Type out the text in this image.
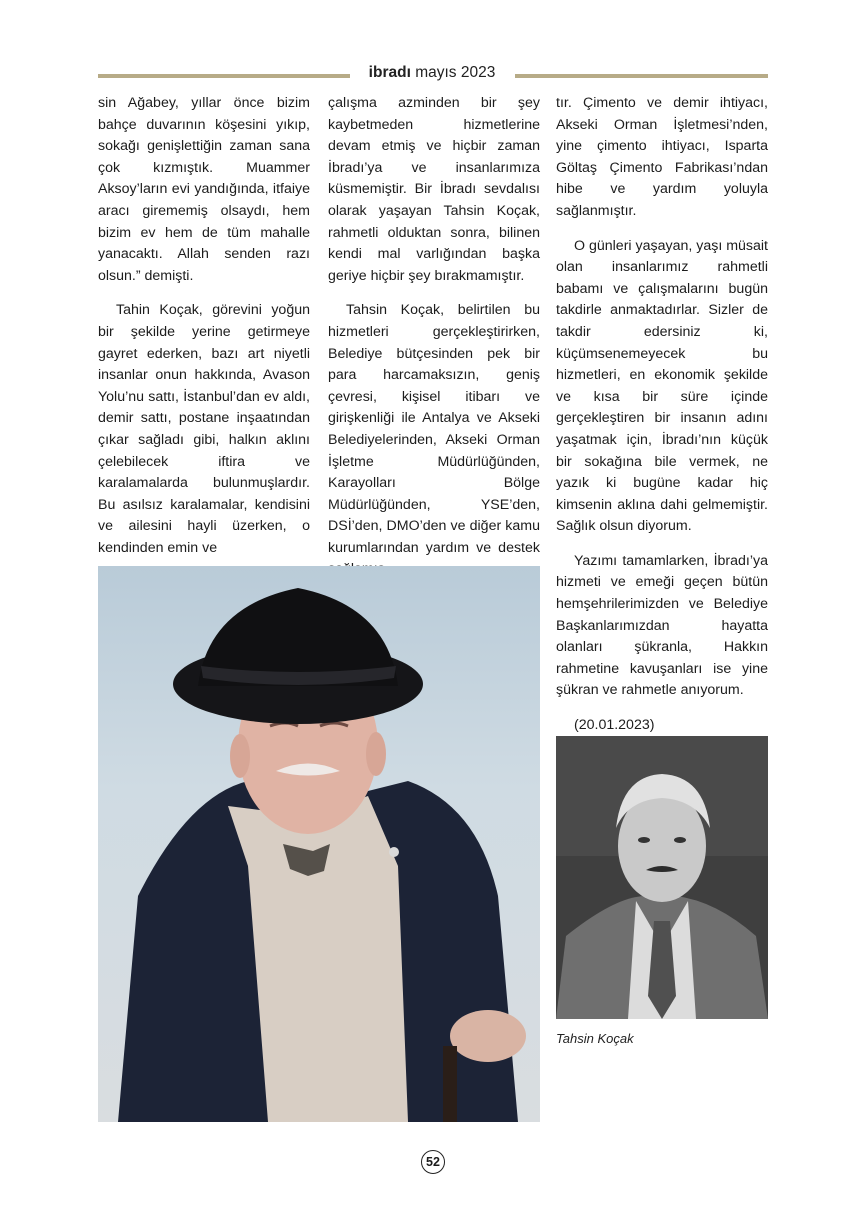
ibradı mayıs 2023

sin Ağabey, yıllar önce bizim bahçe duvarının köşesini yıkıp, sokağı genişlettiğin zaman sana çok kızmıştık. Muammer Aksoy’ların evi yandığında, itfaiye aracı girememiş olsaydı, hem bizim ev hem de tüm mahalle yanacaktı. Allah senden razı olsun.” demişti.

Tahin Koçak, görevini yoğun bir şekilde yerine getirmeye gayret ederken, bazı art niyetli insanlar onun hakkında, Avason Yolu’nu sattı, İstanbul’dan ev aldı, demir sattı, postane inşaatından çıkar sağladı gibi, halkın aklını çelebilecek iftira ve karalamalarda bulunmuşlardır. Bu asılsız karalamalar, kendisini ve ailesini hayli üzerken, o kendinden emin ve

çalışma azminden bir şey kaybetmeden hizmetlerine devam etmiş ve hiçbir zaman İbradı’ya ve insanlarımıza küsmemiştir. Bir İbradı sevdalısı olarak yaşayan Tahsin Koçak, rahmetli olduktan sonra, bilinen kendi mal varlığından başka geriye hiçbir şey bırakmamıştır.

Tahsin Koçak, belirtilen bu hizmetleri gerçekleştirirken, Belediye bütçesinden pek bir para harcamaksızın, geniş çevresi, kişisel itibarı ve girişkenliği ile Antalya ve Akseki Belediyelerinden, Akseki Orman İşletme Müdürlüğünden, Karayolları Bölge Müdürlüğünden, YSE’den, DSİ’den, DMO’den ve diğer kamu kurumlarından yardım ve destek

tır. Çimento ve demir ihtiyacı, Akseki Orman İşletmesi’nden, yine çimento ihtiyacı, Isparta Göltaş Çimento Fabrikası’ndan hibe ve yardım yoluyla sağlanmıştır.

O günleri yaşayan, yaşı müsait olan insanlarımız rahmetli babamı ve çalışmalarını bugün takdirle anmaktadırlar. Sizler de takdir edersiniz ki, küçümsenemeyecek bu hizmetleri, en ekonomik şekilde ve kısa bir süre içinde gerçekleştiren bir insanın adını yaşatmak için, İbradı’nın küçük bir sokağına bile vermek, ne yazık ki bugüne kadar hiç kimsenin aklına dahi gelmemiştir. Sağlık olsun diyorum.

Yazımı tamamlarken, İbradı’ya hizmeti ve emeği geçen bütün hemşehrilerimizden ve Belediye Başkanlarımızdan hayatta olanları şükranla, Hakkın rahmetine kavuşanları ise yine şükran ve rahmetle anıyorum.

(20.01.2023)

Tahsin Koçak
52
